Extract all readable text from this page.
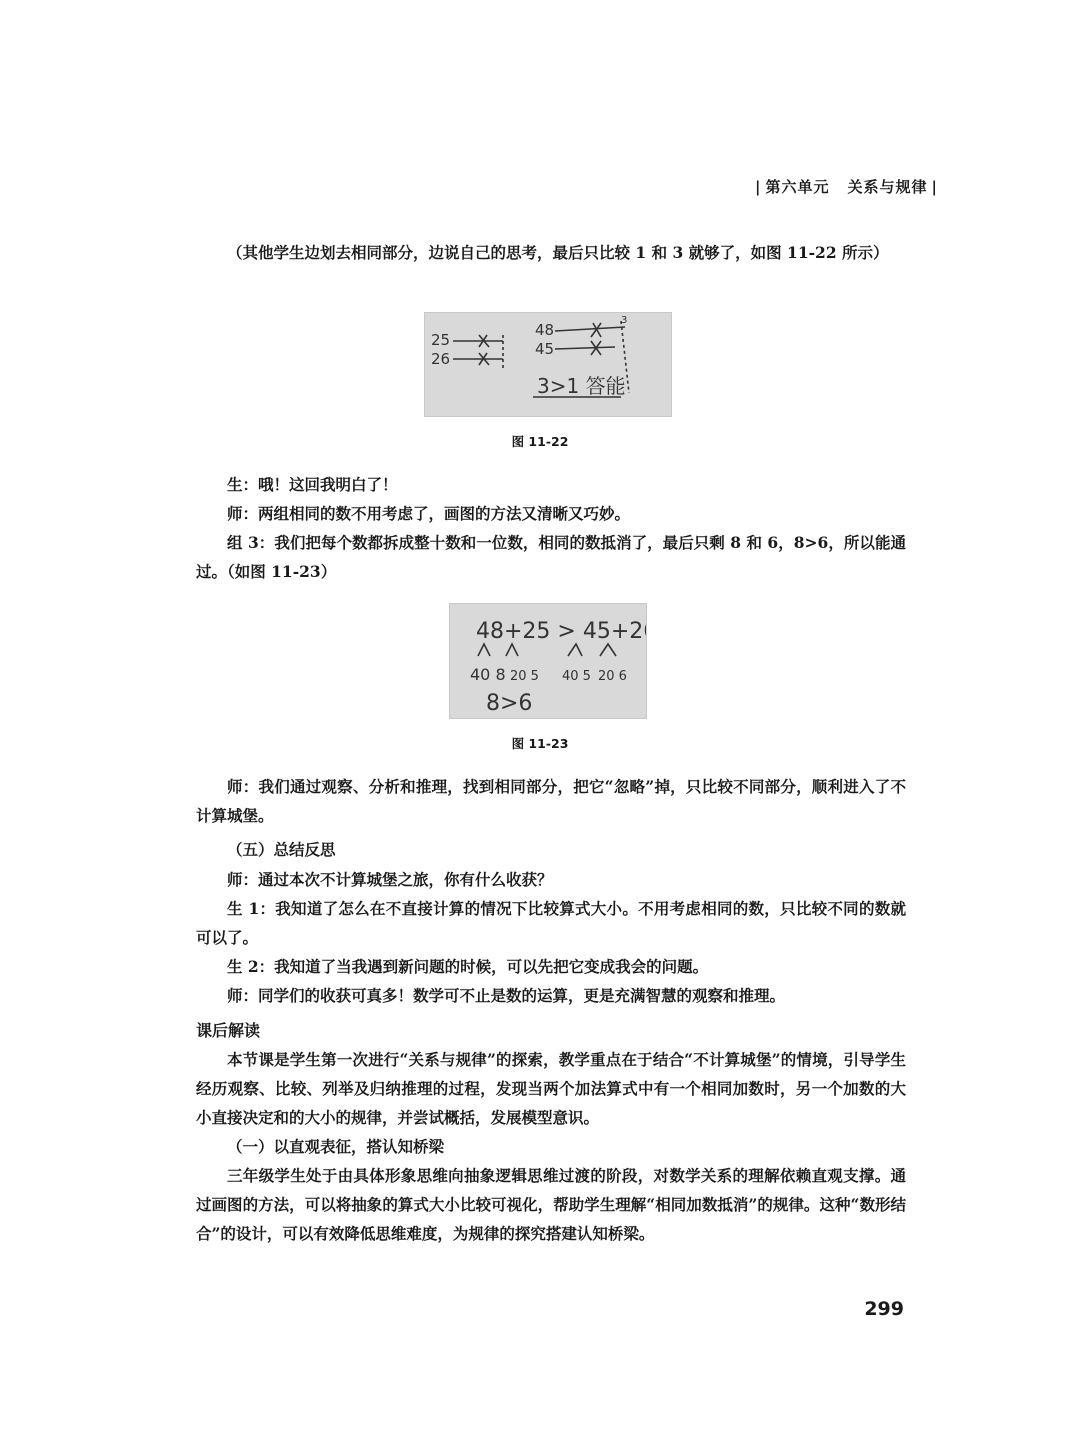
| 第六单元 关系与规律 |

（其他学生边划去相同部分，边说自己的思考，最后只比较 1 和 3 就够了，如图 11-22 所示）

25
26
48
45
3
3>1 答能
图 11-22

生：哦！这回我明白了！

师：两组相同的数不用考虑了，画图的方法又清晰又巧妙。

组 3：我们把每个数都拆成整十数和一位数，相同的数抵消了，最后只剩 8 和 6，8>6，所以能通过。（如图 11-23）

48+25 > 45+26
40 8 20 5 40 5 20 6
8>6
图 11-23

师：我们通过观察、分析和推理，找到相同部分，把它“忽略”掉，只比较不同部分，顺利进入了不计算城堡。

（五）总结反思

师：通过本次不计算城堡之旅，你有什么收获？

生 1：我知道了怎么在不直接计算的情况下比较算式大小。不用考虑相同的数，只比较不同的数就可以了。

生 2：我知道了当我遇到新问题的时候，可以先把它变成我会的问题。

师：同学们的收获可真多！数学可不止是数的运算，更是充满智慧的观察和推理。

课后解读

本节课是学生第一次进行“关系与规律”的探索，教学重点在于结合“不计算城堡”的情境，引导学生经历观察、比较、列举及归纳推理的过程，发现当两个加法算式中有一个相同加数时，另一个加数的大小直接决定和的大小的规律，并尝试概括，发展模型意识。

（一）以直观表征，搭认知桥梁

三年级学生处于由具体形象思维向抽象逻辑思维过渡的阶段，对数学关系的理解依赖直观支撑。通过画图的方法，可以将抽象的算式大小比较可视化，帮助学生理解“相同加数抵消”的规律。这种“数形结合”的设计，可以有效降低思维难度，为规律的探究搭建认知桥梁。

299
